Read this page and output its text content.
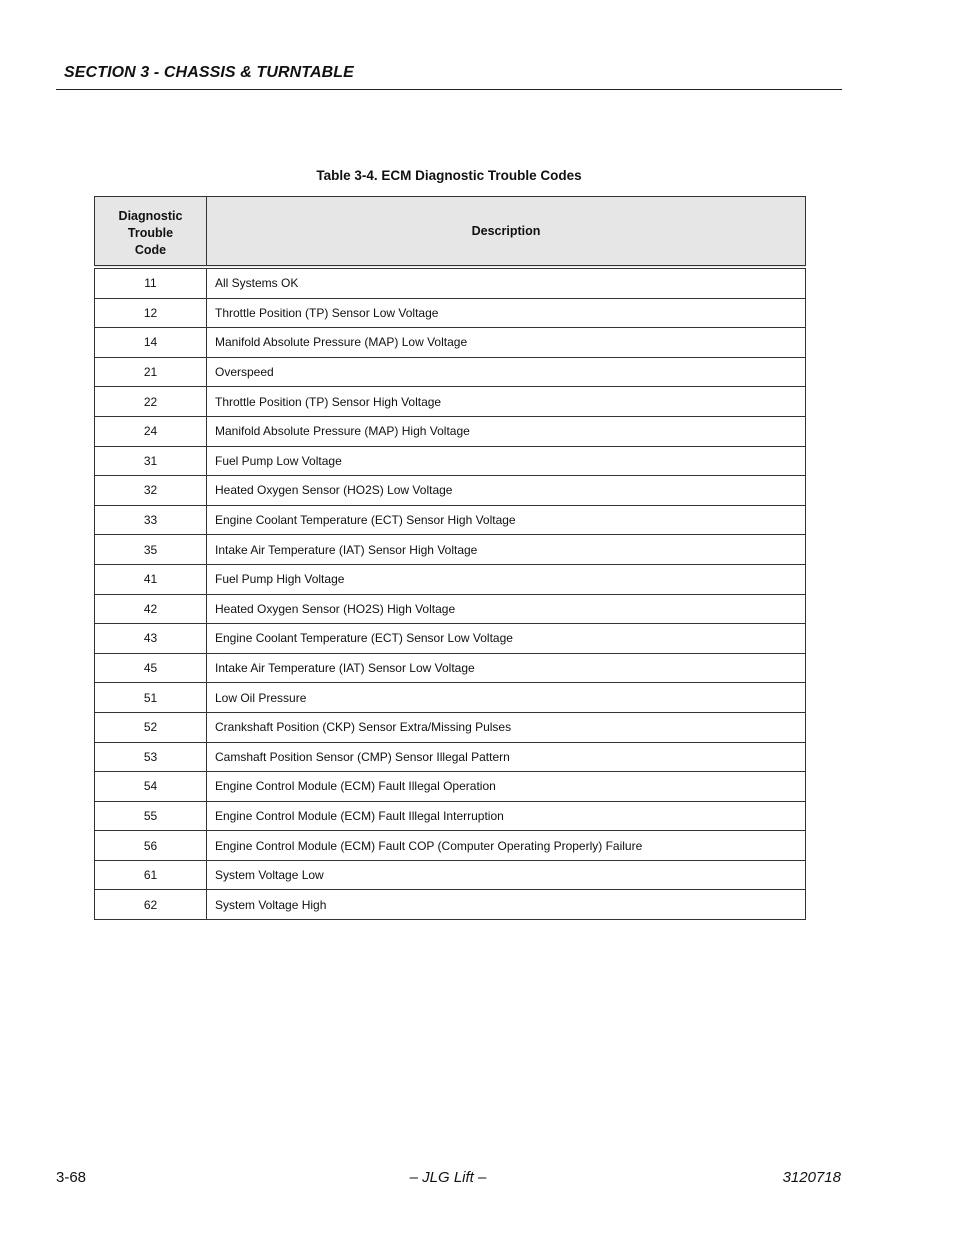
SECTION 3 - CHASSIS & TURNTABLE
Table 3-4. ECM Diagnostic Trouble Codes
Diagnostic
Trouble
Code	Description
11	All Systems OK
12	Throttle Position (TP) Sensor Low Voltage
14	Manifold Absolute Pressure (MAP) Low Voltage
21	Overspeed
22	Throttle Position (TP) Sensor High Voltage
24	Manifold Absolute Pressure (MAP) High Voltage
31	Fuel Pump Low Voltage
32	Heated Oxygen Sensor (HO2S) Low Voltage
33	Engine Coolant Temperature (ECT) Sensor High Voltage
35	Intake Air Temperature (IAT) Sensor High Voltage
41	Fuel Pump High Voltage
42	Heated Oxygen Sensor (HO2S) High Voltage
43	Engine Coolant Temperature (ECT) Sensor Low Voltage
45	Intake Air Temperature (IAT) Sensor Low Voltage
51	Low Oil Pressure
52	Crankshaft Position (CKP) Sensor Extra/Missing Pulses
53	Camshaft Position Sensor (CMP) Sensor Illegal Pattern
54	Engine Control Module (ECM) Fault Illegal Operation
55	Engine Control Module (ECM) Fault Illegal Interruption
56	Engine Control Module (ECM) Fault COP (Computer Operating Properly) Failure
61	System Voltage Low
62	System Voltage High
3-68	– JLG Lift –	3120718
